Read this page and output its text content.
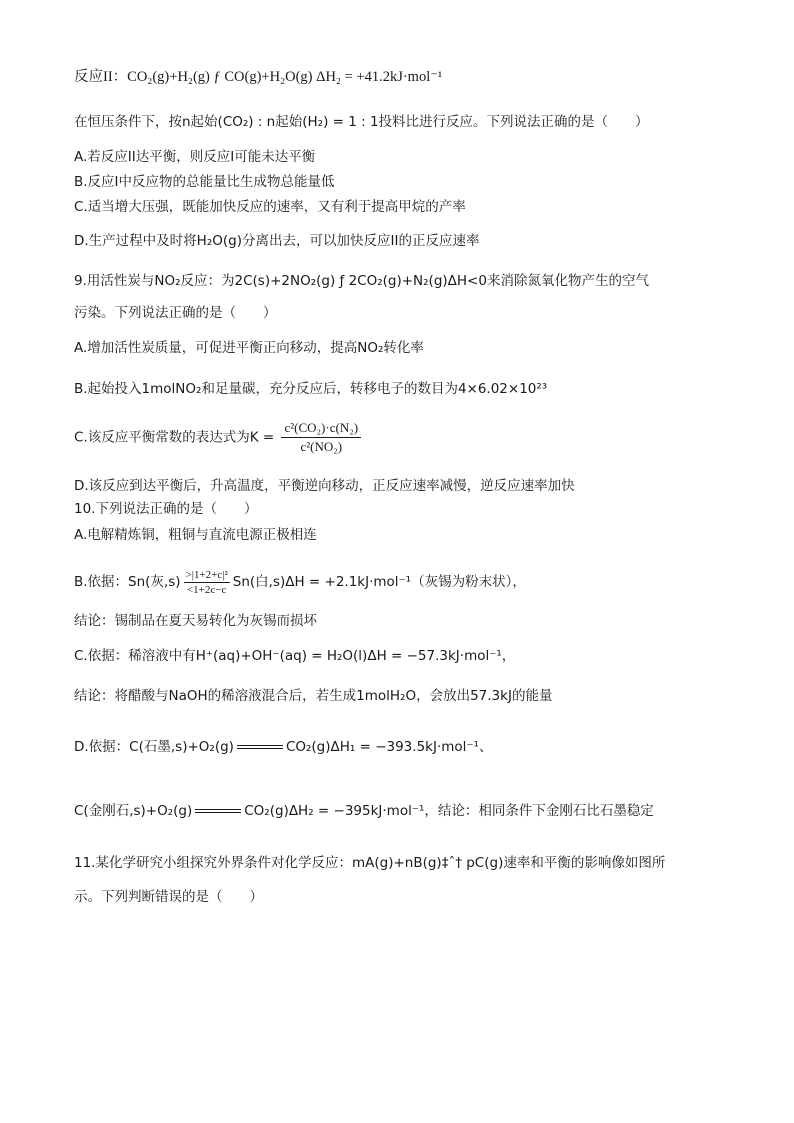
反应II：CO₂(g)+H₂(g) ƒ CO(g)+H₂O(g) ΔH₂ = +41.2kJ·mol⁻¹
在恒压条件下，按n起始(CO₂) : n起始(H₂) = 1 : 1投料比进行反应。下列说法正确的是（　　）
A.若反应II达平衡，则反应I可能未达平衡
B.反应I中反应物的总能量比生成物总能量低
C.适当增大压强，既能加快反应的速率，又有利于提高甲烷的产率
D.生产过程中及时将H₂O(g)分离出去，可以加快反应II的正反应速率
9.用活性炭与NO₂反应：为2C(s)+2NO₂(g) ƒ 2CO₂(g)+N₂(g)ΔH<0来消除氮氧化物产生的空气
污染。下列说法正确的是（　　）
A.增加活性炭质量，可促进平衡正向移动，提高NO₂转化率
B.起始投入1molNO₂和足量碳，充分反应后，转移电子的数目为4×6.02×10²³
C.该反应平衡常数的表达式为$K = \frac{\text{c²(CO₂)·c(N₂)}}{\text{c²(NO₂)}}$
D.该反应到达平衡后，升高温度，平衡逆向移动，正反应速率减慢，逆反应速率加快
10.下列说法正确的是（　　）
A.电解精炼铜，粗铜与直流电源正极相连
B.依据：Sn(灰$,s) \frac{\text{>|1+2+c|²}}{<1+2c-c} Sn$(白,s)ΔH = +2.1kJ·mol⁻¹（灰锡为粉末状），
结论：锡制品在夏天易转化为灰锡而损坏
C.依据：稀溶液中有H⁺(aq)+OH⁻(aq) = H₂O(l)ΔH = −57.3kJ·mol⁻¹，
结论：将醋酸与NaOH的稀溶液混合后，若生成1molH₂O，会放出57.3kJ的能量
D.依据：C(石墨,s)+O₂(g)	CO₂(g)ΔH₁ = −393.5kJ·mol⁻¹、
C(金刚石,s)+O₂(g)	CO₂(g)ΔH₂ = −395kJ·mol⁻¹，结论：相同条件下金刚石比石墨稳定
11.某化学研究小组探究外界条件对化学反应：mA(g)+nB(g)‡ˆ† pC(g)速率和平衡的影响像如图所
示。下列判断错误的是（　　）
